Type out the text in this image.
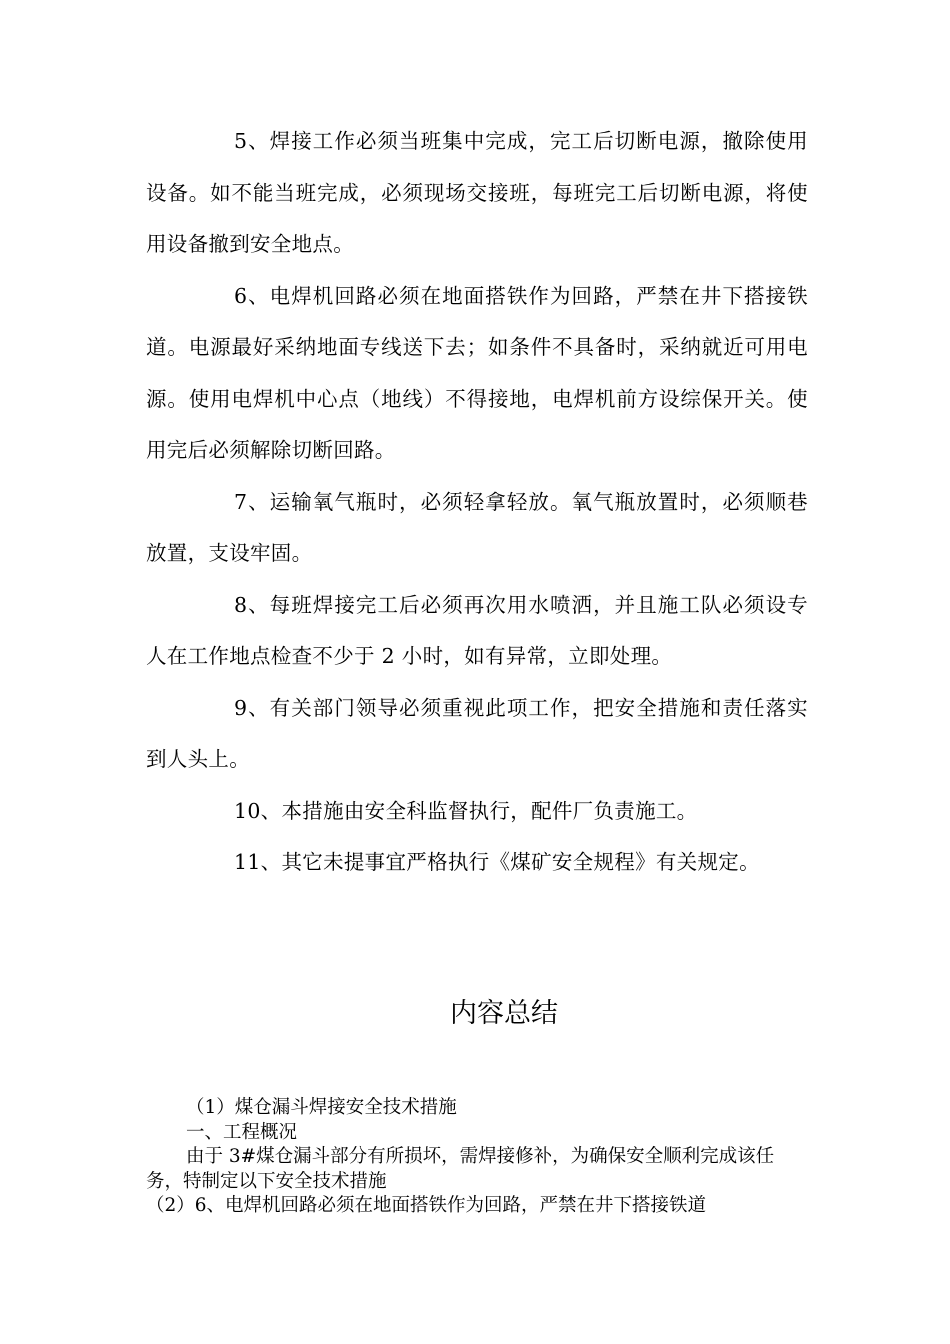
5、焊接工作必须当班集中完成，完工后切断电源，撤除使用设备。如不能当班完成，必须现场交接班，每班完工后切断电源，将使用设备撤到安全地点。

6、电焊机回路必须在地面搭铁作为回路，严禁在井下搭接铁道。电源最好采纳地面专线送下去；如条件不具备时，采纳就近可用电源。使用电焊机中心点（地线）不得接地，电焊机前方设综保开关。使用完后必须解除切断回路。

7、运输氧气瓶时，必须轻拿轻放。氧气瓶放置时，必须顺巷放置，支设牢固。

8、每班焊接完工后必须再次用水喷洒，并且施工队必须设专人在工作地点检查不少于 2 小时，如有异常，立即处理。

9、有关部门领导必须重视此项工作，把安全措施和责任落实到人头上。

10、本措施由安全科监督执行，配件厂负责施工。

11、其它未提事宜严格执行《煤矿安全规程》有关规定。

内容总结

（1）煤仓漏斗焊接安全技术措施

一、工程概况

由于 3#煤仓漏斗部分有所损坏，需焊接修补，为确保安全顺利完成该任务，特制定以下安全技术措施

（2）6、电焊机回路必须在地面搭铁作为回路，严禁在井下搭接铁道
